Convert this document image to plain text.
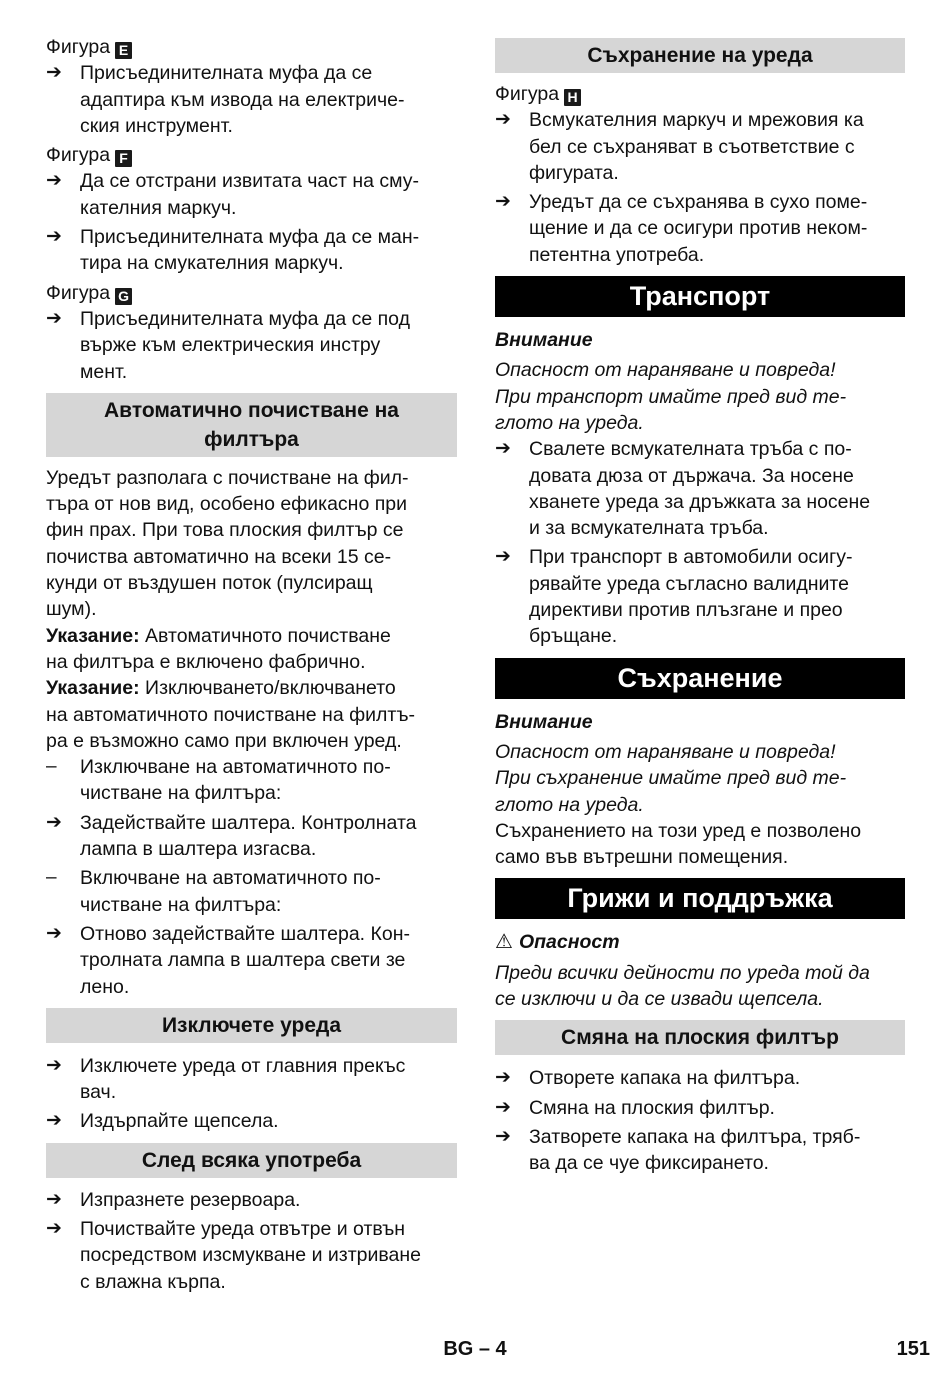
Фигура E

➔ Присъединителната муфа да се

адаптира към извода на електриче-

ския инструмент.

Фигура F

➔ Да се отстрани извитата част на сму-

кателния маркуч.

➔ Присъединителната муфа да се ман-

тира на смукателния маркуч.

Фигура G

➔ Присъединителната муфа да се под

върже към електрическия инстру

мент.

Автоматично почистване на
филтъра

Уредът разполага с почистване на фил-

търа от нов вид, особено ефикасно при

фин прах. При това плоския филтър се

почиства автоматично на всеки 15 се-

кунди от въздушен поток (пулсиращ

шум).

Указание: Автоматичното почистване

на филтъра е включено фабрично.

Указание: Изключването/включването

на автоматичното почистване на филтъ-

ра е възможно само при включен уред.

–	Изключване на автоматичното по-

чистване на филтъра:

➔ Задействайте шалтера. Контролната

лампа в шалтера изгасва.

–	Включване на автоматичното по-

чистване на филтъра:

➔ Отново задействайте шалтера. Кон-

тролната лампа в шалтера свети зе

лено.

Изключете уреда
➔ Изключете уреда от главния прекъс

вач.

➔ Издърпайте щепсела.

След всяка употреба
➔ Изпразнете резервоара.

➔ Почиствайте уреда отвътре и отвън

посредством изсмукване и изтриване

с влажна кърпа.

Съхранение на уреда

Фигура H

➔ Всмукателния маркуч и мрежовия ка

бел се съхраняват в съответствие с

фигурата.

➔ Уредът да се съхранява в сухо поме-

щение и да се осигури против неком-

петентна употреба.

Транспорт

Внимание

Опасност от нараняване и повреда!

При транспорт имайте пред вид те-

глото на уреда.

➔ Свалете всмукателната тръба с по-

довата дюза от държача. За носене

хванете уреда за дръжката за носене

и за всмукателната тръба.

➔ При транспорт в автомобили осигу-

рявайте уреда съгласно валидните

директиви против плъзгане и прео

бръщане.

Съхранение

Внимание

Опасност от нараняване и повреда!

При съхранение имайте пред вид те-

глото на уреда.

Съхранението на този уред е позволено

само във вътрешни помещения.

Грижи и поддръжка

⚠ Опасност

Преди всички дейности по уреда той да

се изключи и да се извади щепсела.

Смяна на плоския филтър
➔ Отворете капака на филтъра.

➔ Смяна на плоския филтър.

➔ Затворете капака на филтъра, тряб-

ва да се чуе фиксирането.

BG – 4	151
